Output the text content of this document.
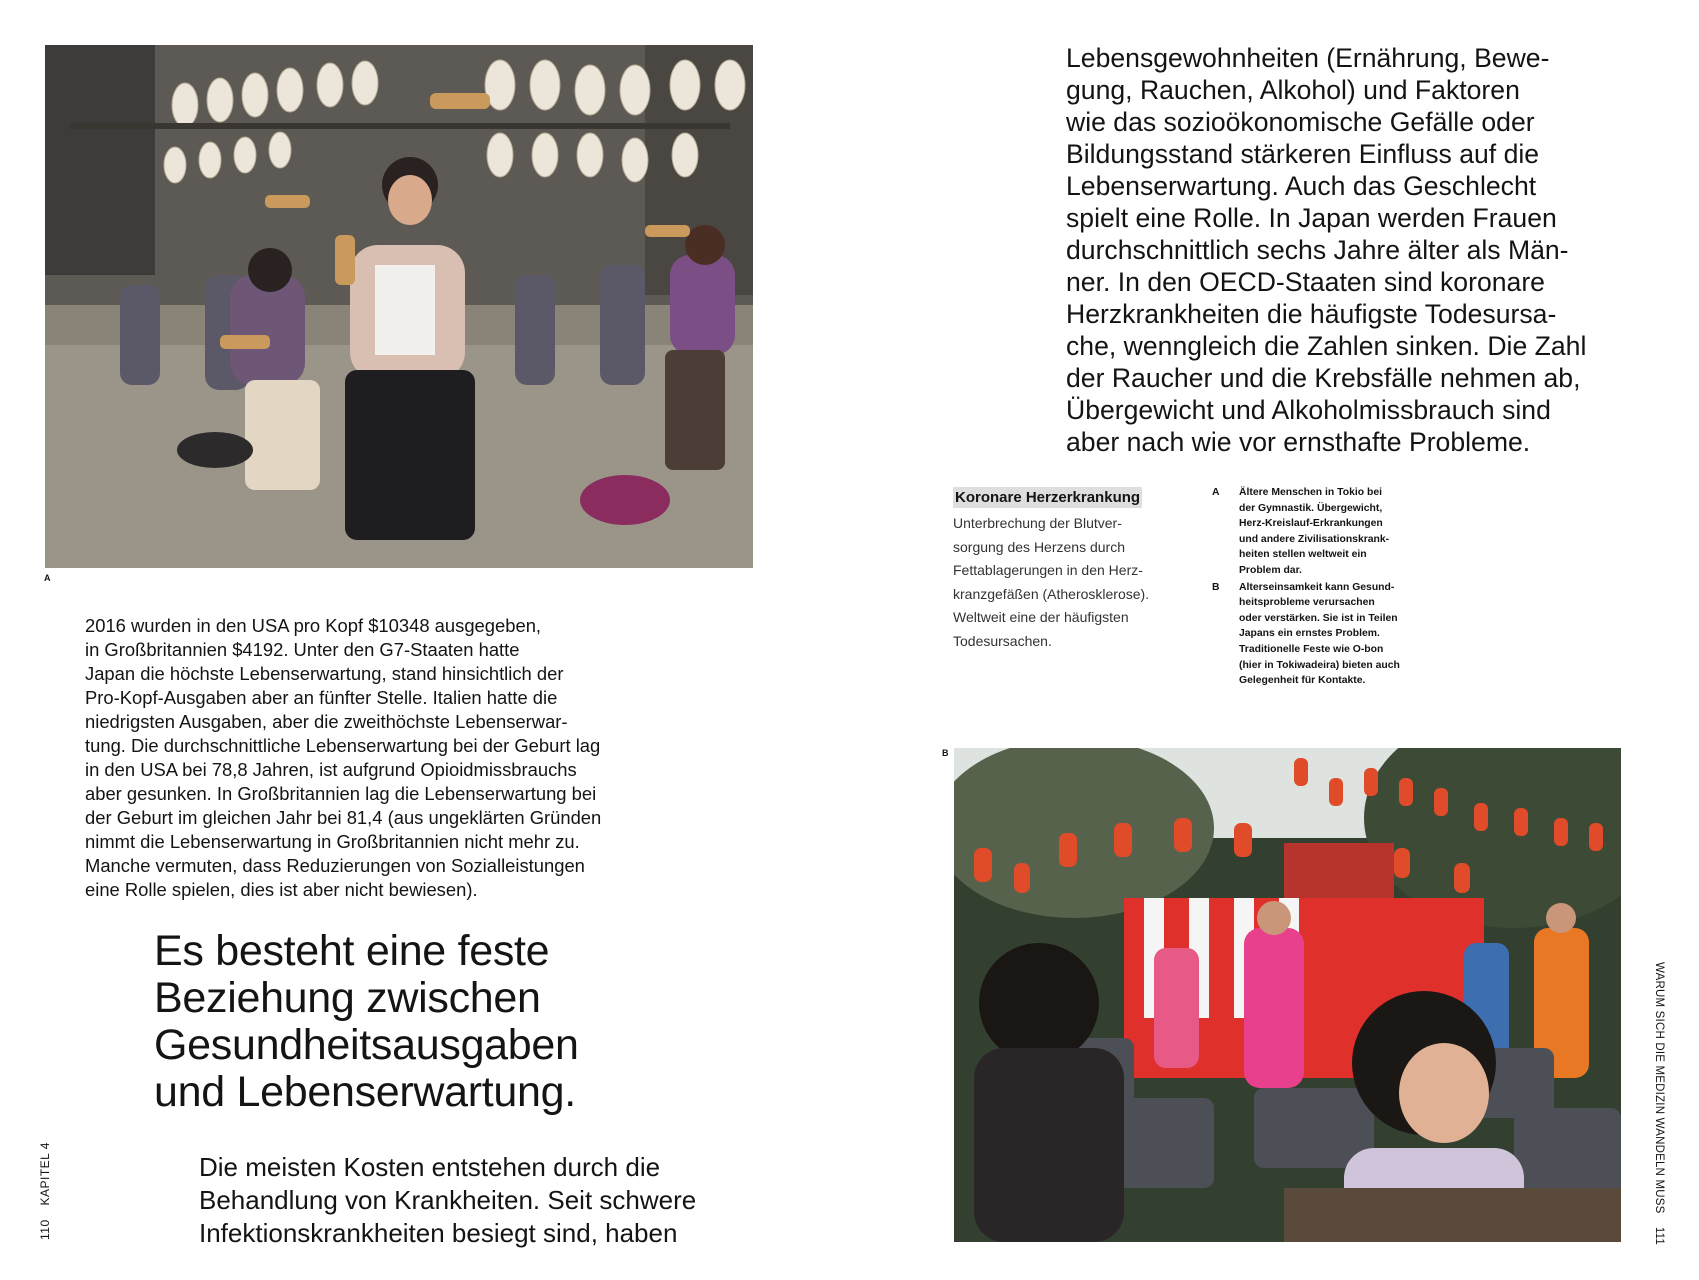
A
2016 wurden in den USA pro Kopf $10348 ausgegeben,
in Großbritannien $4192. Unter den G7-Staaten hatte
Japan die höchste Lebenserwartung, stand hinsichtlich der
Pro-Kopf-Ausgaben aber an fünfter Stelle. Italien hatte die
niedrigsten Ausgaben, aber die zweithöchste Lebenserwar-
tung. Die durchschnittliche Lebenserwartung bei der Geburt lag
in den USA bei 78,8 Jahren, ist aufgrund Opioidmissbrauchs
aber gesunken. In Großbritannien lag die Lebenserwartung bei
der Geburt im gleichen Jahr bei 81,4 (aus ungeklärten Gründen
nimmt die Lebenserwartung in Großbritannien nicht mehr zu.
Manche vermuten, dass Reduzierungen von Sozialleistungen
eine Rolle spielen, dies ist aber nicht bewiesen).
Es besteht eine feste
Beziehung zwischen
Gesundheitsausgaben
und Lebenserwartung.
Die meisten Kosten entstehen durch die
Behandlung von Krankheiten. Seit schwere
Infektionskrankheiten besiegt sind, haben
110 KAPITEL 4
Lebensgewohnheiten (Ernährung, Bewe-
gung, Rauchen, Alkohol) und Faktoren
wie das sozioökonomische Gefälle oder
Bildungsstand stärkeren Einfluss auf die
Lebenserwartung. Auch das Geschlecht
spielt eine Rolle. In Japan werden Frauen
durchschnittlich sechs Jahre älter als Män-
ner. In den OECD-Staaten sind koronare
Herzkrankheiten die häufigste Todesursa-
che, wenngleich die Zahlen sinken. Die Zahl
der Raucher und die Krebsfälle nehmen ab,
Übergewicht und Alkoholmissbrauch sind
aber nach wie vor ernsthafte Probleme.
Koronare Herzerkrankung
Unterbrechung der Blutver-
sorgung des Herzens durch
Fettablagerungen in den Herz-
kranzgefäßen (Atherosklerose).
Weltweit eine der häufigsten
Todesursachen.
A Ältere Menschen in Tokio bei
der Gymnastik. Übergewicht,
Herz-Kreislauf-Erkrankungen
und andere Zivilisationskrank-
heiten stellen weltweit ein
Problem dar.
B Alterseinsamkeit kann Gesund-
heitsprobleme verursachen
oder verstärken. Sie ist in Teilen
Japans ein ernstes Problem.
Traditionelle Feste wie O-bon
(hier in Tokiwadeira) bieten auch
Gelegenheit für Kontakte.
B
WARUM SICH DIE MEDIZIN WANDELN MUSS 111
